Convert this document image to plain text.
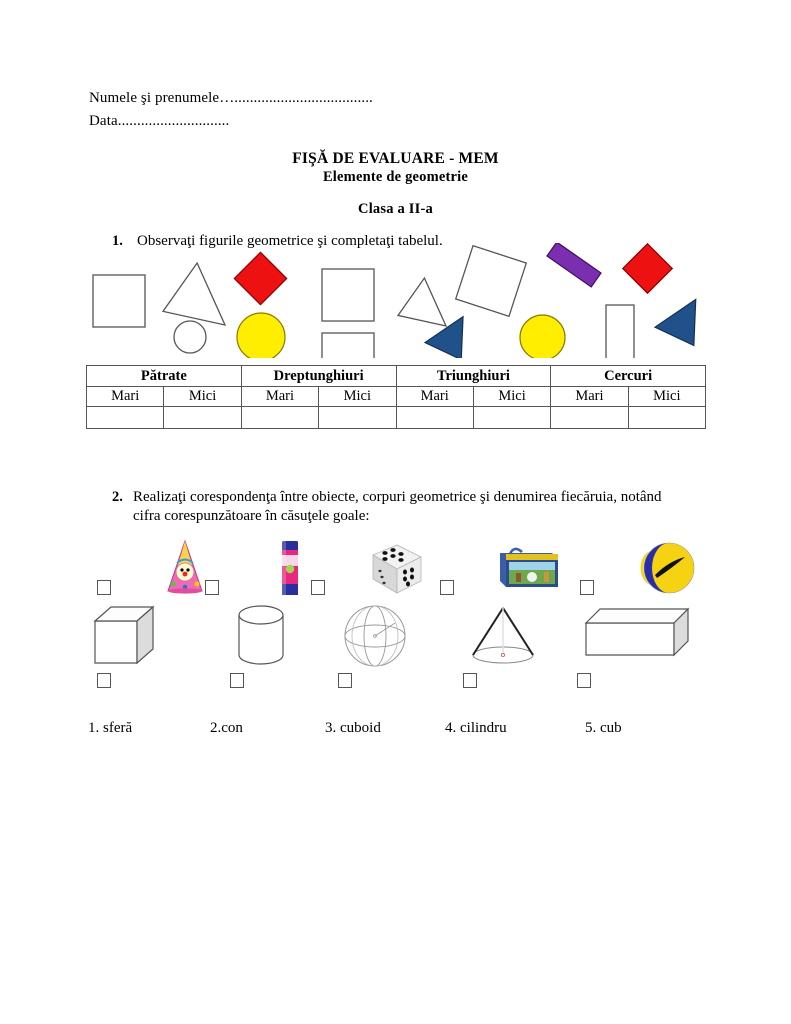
Numele şi prenumele…....................................
Data.............................
FIŞĂ DE EVALUARE - MEM
Elemente de geometrie
Clasa a II-a
1. Observaţi figurile geometrice şi completaţi tabelul.
Pătrate		Dreptunghiuri		Triunghiuri		Cercuri	
Mari	Mici	Mari	Mici	Mari	Mici	Mari	Mici

2. Realizaţi corespondenţa între obiecte, corpuri geometrice şi denumirea fiecăruia, notând
cifra corespunzătoare în căsuţele goale:
1. sferă	2.con	3. cuboid	4. cilindru	5. cub
